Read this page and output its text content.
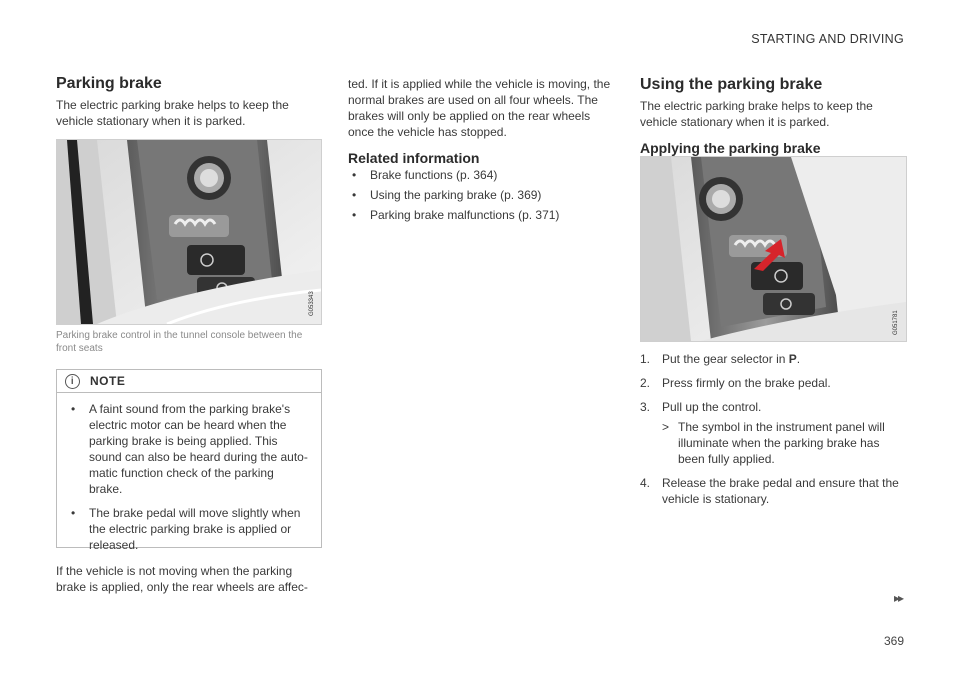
STARTING AND DRIVING
Parking brake

The electric parking brake helps to keep the vehicle stationary when it is parked.

G053343
Parking brake control in the tunnel console between the front seats
i	NOTE
• A faint sound from the parking brake's electric motor can be heard when the parking brake is being applied. This sound can also be heard during the auto-matic function check of the parking brake.
• The brake pedal will move slightly when the electric parking brake is applied or released.

If the vehicle is not moving when the parking brake is applied, only the rear wheels are affec-

ted. If it is applied while the vehicle is moving, the normal brakes are used on all four wheels. The brakes will only be applied on the rear wheels once the vehicle has stopped.

Related information
• Brake functions (p. 364)
• Using the parking brake (p. 369)
• Parking brake malfunctions (p. 371)
Using the parking brake

The electric parking brake helps to keep the vehicle stationary when it is parked.

Applying the parking brake
G051781
1. Put the gear selector in P.
2. Press firmly on the brake pedal.
3. Pull up the control.
> The symbol in the instrument panel will illuminate when the parking brake has been fully applied.
4. Release the brake pedal and ensure that the vehicle is stationary.
▸▸
369
